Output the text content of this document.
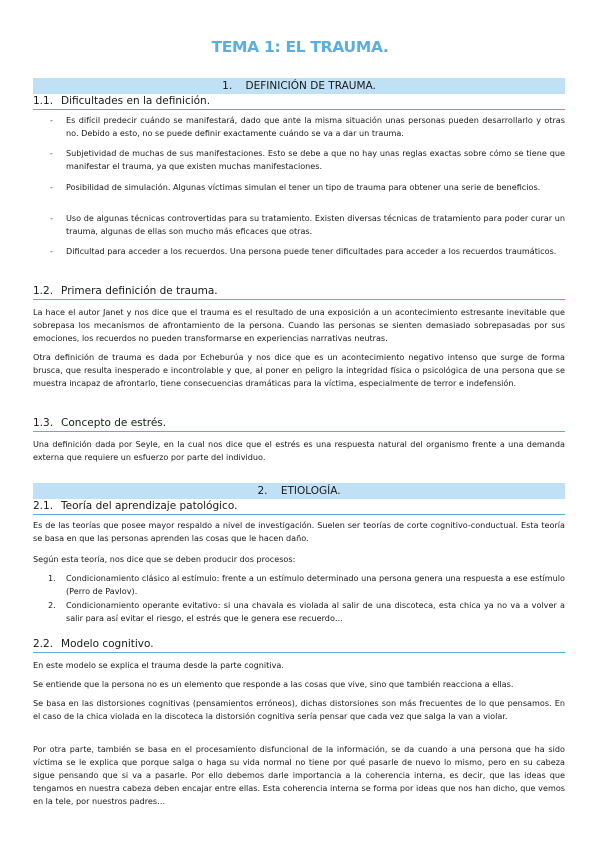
TEMA 1: EL TRAUMA.
1. DEFINICIÓN DE TRAUMA.
1.1. Dificultades en la definición.
- Es difícil predecir cuándo se manifestará, dado que ante la misma situación unas personas pueden desarrollarlo y otras no. Debido a esto, no se puede definir exactamente cuándo se va a dar un trauma.
- Subjetividad de muchas de sus manifestaciones. Esto se debe a que no hay unas reglas exactas sobre cómo se tiene que manifestar el trauma, ya que existen muchas manifestaciones.
- Posibilidad de simulación. Algunas víctimas simulan el tener un tipo de trauma para obtener una serie de beneficios.
- Uso de algunas técnicas controvertidas para su tratamiento. Existen diversas técnicas de tratamiento para poder curar un trauma, algunas de ellas son mucho más eficaces que otras.
- Dificultad para acceder a los recuerdos. Una persona puede tener dificultades para acceder a los recuerdos traumáticos.
1.2. Primera definición de trauma.

La hace el autor Janet y nos dice que el trauma es el resultado de una exposición a un acontecimiento estresante inevitable que sobrepasa los mecanismos de afrontamiento de la persona. Cuando las personas se sienten demasiado sobrepasadas por sus emociones, los recuerdos no pueden transformarse en experiencias narrativas neutras.

Otra definición de trauma es dada por Echeburúa y nos dice que es un acontecimiento negativo intenso que surge de forma brusca, que resulta inesperado e incontrolable y que, al poner en peligro la integridad física o psicológica de una persona que se muestra incapaz de afrontarlo, tiene consecuencias dramáticas para la víctima, especialmente de terror e indefensión.

1.3. Concepto de estrés.

Una definición dada por Seyle, en la cual nos dice que el estrés es una respuesta natural del organismo frente a una demanda externa que requiere un esfuerzo por parte del individuo.

2. ETIOLOGÍA.
2.1. Teoría del aprendizaje patológico.

Es de las teorías que posee mayor respaldo a nivel de investigación. Suelen ser teorías de corte cognitivo-conductual. Esta teoría se basa en que las personas aprenden las cosas que le hacen daño.

Según esta teoría, nos dice que se deben producir dos procesos:

1. Condicionamiento clásico al estímulo: frente a un estímulo determinado una persona genera una respuesta a ese estímulo (Perro de Pavlov).
2. Condicionamiento operante evitativo: si una chavala es violada al salir de una discoteca, esta chica ya no va a volver a salir para así evitar el riesgo, el estrés que le genera ese recuerdo…
2.2. Modelo cognitivo.

En este modelo se explica el trauma desde la parte cognitiva.

Se entiende que la persona no es un elemento que responde a las cosas que vive, sino que también reacciona a ellas.

Se basa en las distorsiones cognitivas (pensamientos erróneos), dichas distorsiones son más frecuentes de lo que pensamos. En el caso de la chica violada en la discoteca la distorsión cognitiva sería pensar que cada vez que salga la van a violar.

Por otra parte, también se basa en el procesamiento disfuncional de la información, se da cuando a una persona que ha sido víctima se le explica que porque salga o haga su vida normal no tiene por qué pasarle de nuevo lo mismo, pero en su cabeza sigue pensando que si va a pasarle. Por ello debemos darle importancia a la coherencia interna, es decir, que las ideas que tengamos en nuestra cabeza deben encajar entre ellas. Esta coherencia interna se forma por ideas que nos han dicho, que vemos en la tele, por nuestros padres…
